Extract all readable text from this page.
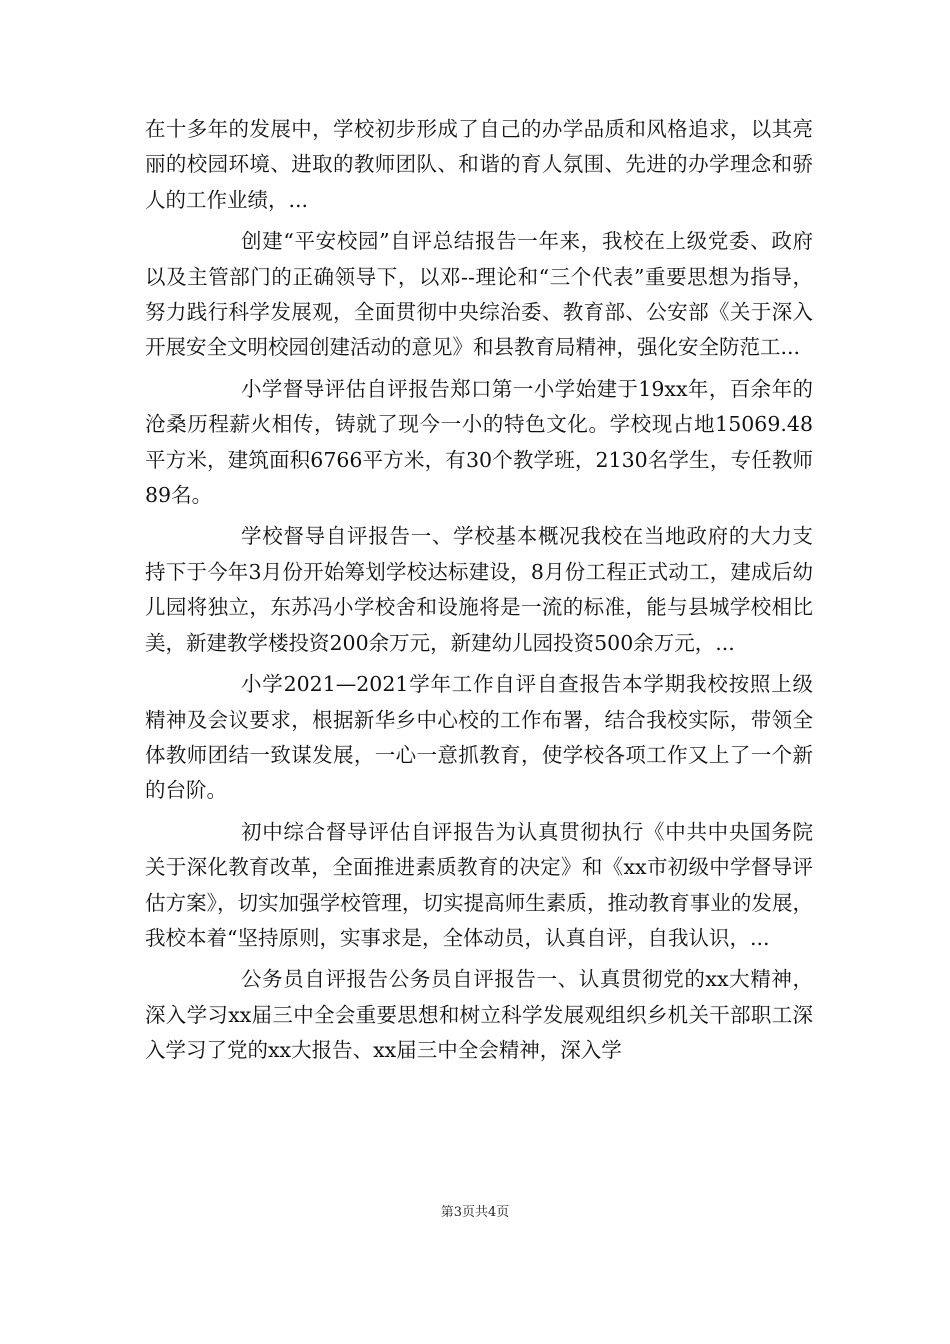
在十多年的发展中，学校初步形成了自己的办学品质和风格追求，以其亮丽的校园环境、进取的教师团队、和谐的育人氛围、先进的办学理念和骄人的工作业绩，...

创建“平安校园”自评总结报告一年来，我校在上级党委、政府以及主管部门的正确领导下，以邓--理论和“三个代表”重要思想为指导，努力践行科学发展观，全面贯彻中央综治委、教育部、公安部《关于深入开展安全文明校园创建活动的意见》和县教育局精神，强化安全防范工...

小学督导评估自评报告郑口第一小学始建于19xx年，百余年的沧桑历程薪火相传，铸就了现今一小的特色文化。学校现占地15069.48平方米，建筑面积6766平方米，有30个教学班，2130名学生，专任教师89名。

学校督导自评报告一、学校基本概况我校在当地政府的大力支持下于今年3月份开始筹划学校达标建设，8月份工程正式动工，建成后幼儿园将独立，东苏冯小学校舍和设施将是一流的标准，能与县城学校相比美，新建教学楼投资200余万元，新建幼儿园投资500余万元，...

小学2021—2021学年工作自评自查报告本学期我校按照上级精神及会议要求，根据新华乡中心校的工作布署，结合我校实际，带领全体教师团结一致谋发展，一心一意抓教育，使学校各项工作又上了一个新的台阶。

初中综合督导评估自评报告为认真贯彻执行《中共中央国务院关于深化教育改革，全面推进素质教育的决定》和《xx市初级中学督导评估方案》，切实加强学校管理，切实提高师生素质，推动教育事业的发展，我校本着“坚持原则，实事求是，全体动员，认真自评，自我认识，...

公务员自评报告公务员自评报告一、认真贯彻党的xx大精神，深入学习xx届三中全会重要思想和树立科学发展观组织乡机关干部职工深入学习了党的xx大报告、xx届三中全会精神，深入学

第3页共4页
